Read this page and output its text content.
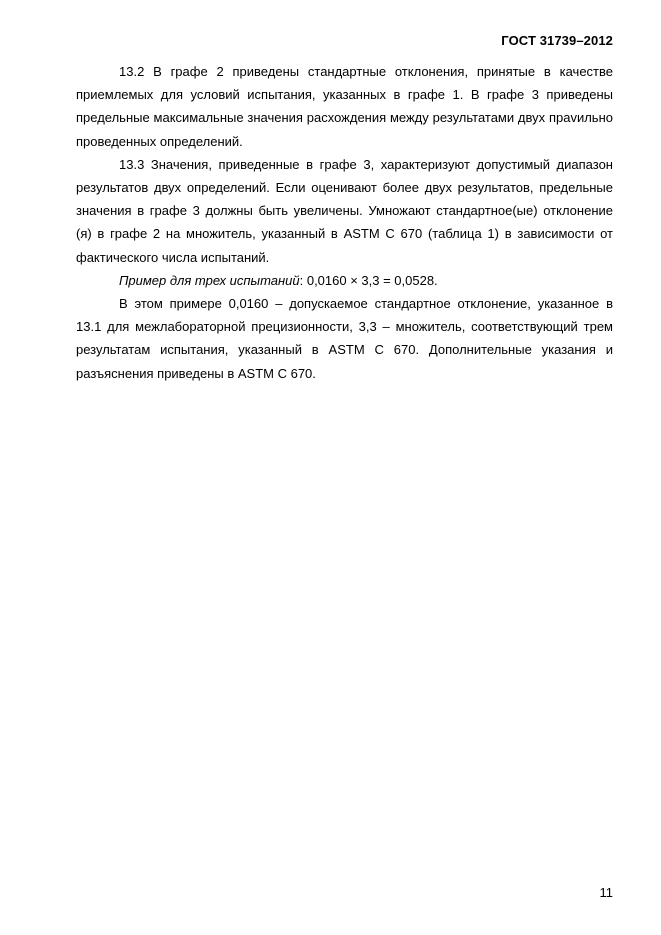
ГОСТ 31739–2012

13.2 В графе 2 приведены стандартные отклонения, принятые в качестве приемлемых для условий испытания, указанных в графе 1. В графе 3 приведены предельные максимальные значения расхождения между результатами двух праvильно проведенных определений.

13.3 Значения, приведенные в графе 3, характеризуют допустимый диапазон результатов двух определений. Если оценивают более двух результатов, предельные значения в графе 3 должны быть увеличены. Умножают стандартное(ые) отклонение (я) в графе 2 на множитель, указанный в ASTM C 670 (таблица 1) в зависимости от фактического числа испытаний.

Пример для трех испытаний: 0,0160 × 3,3 = 0,0528.

В этом примере 0,0160 – допускаемое стандартное отклонение, указанное в 13.1 для межлабораторной прецизионности, 3,3 – множитель, соответствующий трем результатам испытания, указанный в ASTM C 670. Дополнительные указания и разъяснения приведены в ASTM C 670.

11
